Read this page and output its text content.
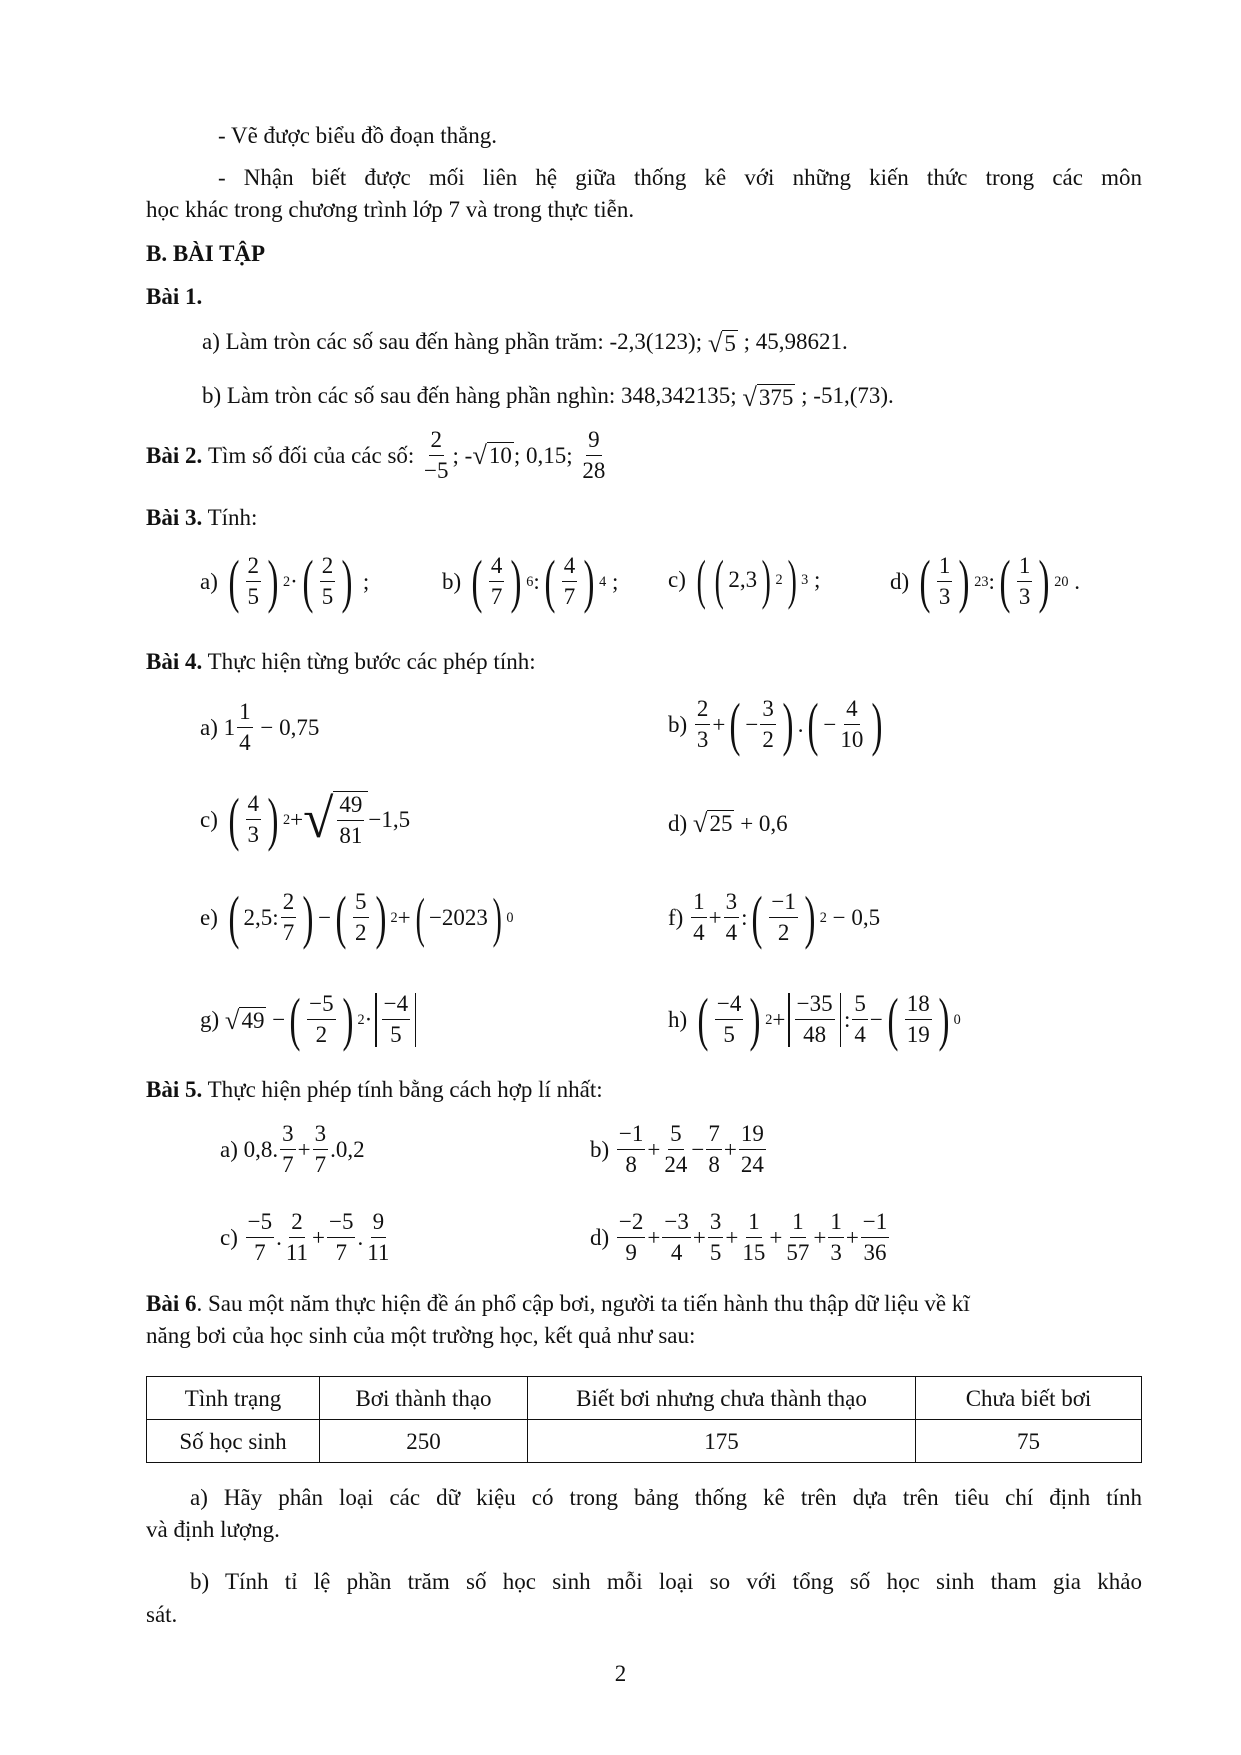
- Vẽ được biểu đồ đoạn thẳng.
- Nhận biết được mối liên hệ giữa thống kê với những kiến thức trong các môn
học khác trong chương trình lớp 7 và trong thực tiễn.
B. BÀI TẬP
Bài 1.
a) Làm tròn các số sau đến hàng phần trăm: -2,3(123); √ 5 ; 45,98621.
b) Làm tròn các số sau đến hàng phần nghìn: 348,342135; √ 375 ; -51,(73).
Bài 2.
Tìm số đối của các số:
$\frac{2}{-5}$ ;
- √ 10 ; 0,15;
$\frac{9}{28}$
Bài 3. Tính:
a)
( $\frac{2}{5}$ ) 2 · ( $\frac{2}{5}$ )
;	b)
( $\frac{4}{7}$ ) 6 : ( $\frac{4}{7}$ ) 4
; c)
( ( 2,3 ) 2 ) 3
;	d)
( $\frac{1}{3}$ ) 23 : ( $\frac{1}{3}$ ) 20
.
Bài 4. Thực hiện từng bước các phép tính:
a)
$1 \frac{1}{4}$
− 0,75	b)
$\frac{2}{3}$ + ( − $\frac{3}{2}$ ) . ( − $\frac{4}{10}$ )
c)
( $\frac{4}{3}$ ) 2 + √ $\frac{49}{81} -1,5$	d)
√ 25
+ 0,6
e)
( 2,5: $\frac{2}{7}$ ) − ( $\frac{5}{2}$ ) 2 + ( −2023 ) 0	f)
$\frac{1}{4} + \frac{3}{4}$ : ( $\frac{-1}{2}$ ) 2
− 0,5
g)
√ 49
− ( $\frac{-5}{2}$ ) $2 \cdot \frac{-4}{5}$	h)
( $\frac{-4}{5}$ ) $2 + \frac{-35}{48}$ : $\frac{5}{4}$ − ( $\frac{18}{19}$ ) 0
Bài 5. Thực hiện phép tính bằng cách hợp lí nhất:
a)
0,8. $\frac{3}{7} + \frac{3}{7} .0,2$	b)
$\frac{-1}{8} + \frac{5}{24} - \frac{7}{8} + \frac{19}{24}$
c)
$\frac{-5}{7}$ . $\frac{2}{11} + \frac{-5}{7}$ . $\frac{9}{11}$	d)
$\frac{-2}{9} + \frac{-3}{4} + \frac{3}{5} + \frac{1}{15} + \frac{1}{57} + \frac{1}{3} + \frac{-1}{36}$
Bài 6. Sau một năm thực hiện đề án phổ cập bơi, người ta tiến hành thu thập dữ liệu về kĩ
năng bơi của học sinh của một trường học, kết quả như sau:
Tình trạng	Bơi thành thạo	Biết bơi nhưng chưa thành thạo	Chưa biết bơi
Số học sinh	250	175	75
a) Hãy phân loại các dữ kiệu có trong bảng thống kê trên dựa trên tiêu chí định tính
và định lượng.
b) Tính tỉ lệ phần trăm số học sinh mỗi loại so với tổng số học sinh tham gia khảo
sát.
2
